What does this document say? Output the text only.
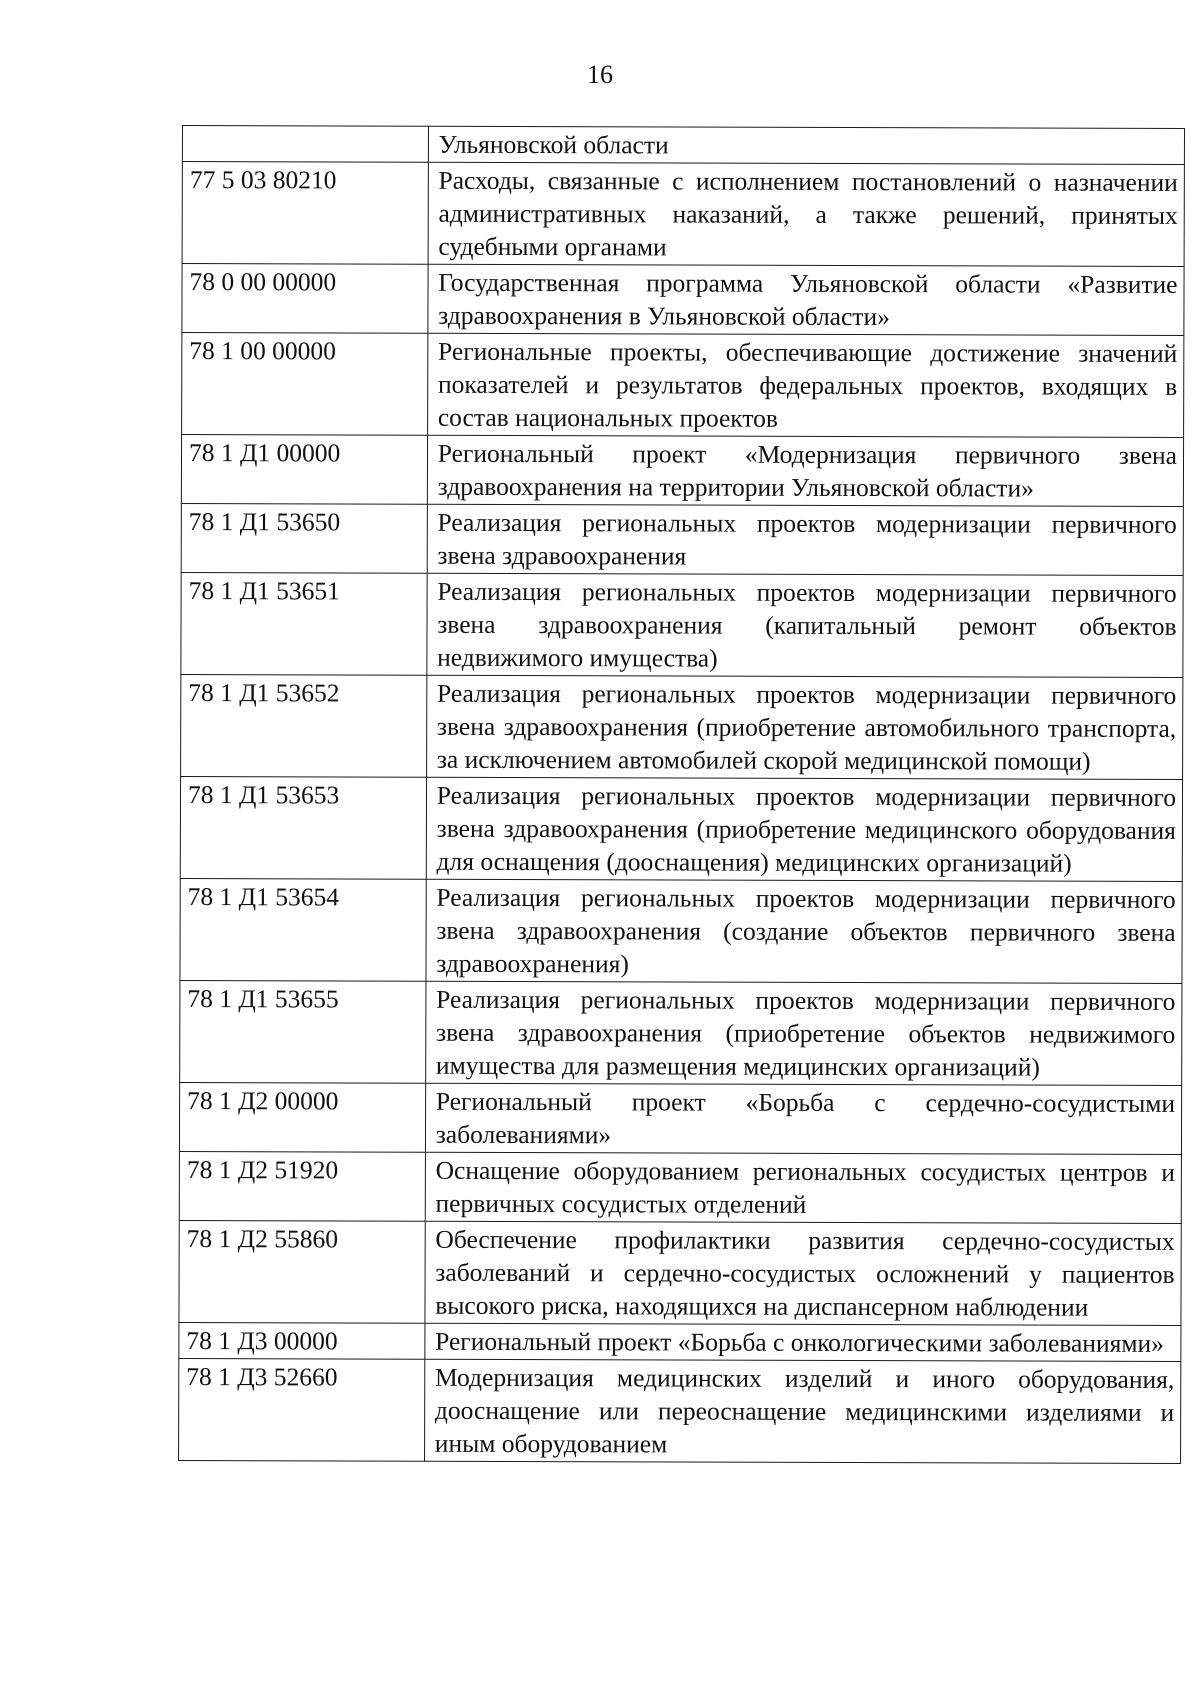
16
	Ульяновской области
77 5 03 80210	Расходы, связанные с исполнением постановлений о назначении административных наказаний, а также решений, принятых судебными органами
78 0 00 00000	Государственная программа Ульяновской области «Развитие здравоохранения в Ульяновской области»
78 1 00 00000	Региональные проекты, обеспечивающие достижение значений показателей и результатов федеральных проектов, входящих в состав национальных проектов
78 1 Д1 00000	Региональный проект «Модернизация первичного звена здравоохранения на территории Ульяновской области»
78 1 Д1 53650	Реализация региональных проектов модернизации первичного звена здравоохранения
78 1 Д1 53651	Реализация региональных проектов модернизации первичного звена здравоохранения (капитальный ремонт объектов недвижимого имущества)
78 1 Д1 53652	Реализация региональных проектов модернизации первичного звена здравоохранения (приобретение автомобильного транспорта, за исключением автомобилей скорой медицинской помощи)
78 1 Д1 53653	Реализация региональных проектов модернизации первичного звена здравоохранения (приобретение медицинского оборудования для оснащения (дооснащения) медицинских организаций)
78 1 Д1 53654	Реализация региональных проектов модернизации первичного звена здравоохранения (создание объектов первичного звена здравоохранения)
78 1 Д1 53655	Реализация региональных проектов модернизации первичного звена здравоохранения (приобретение объектов недвижимого имущества для размещения медицинских организаций)
78 1 Д2 00000	Региональный проект «Борьба с сердечно-сосудистыми заболеваниями»
78 1 Д2 51920	Оснащение оборудованием региональных сосудистых центров и первичных сосудистых отделений
78 1 Д2 55860	Обеспечение профилактики развития сердечно-сосудистых заболеваний и сердечно-сосудистых осложнений у пациентов высокого риска, находящихся на диспансерном наблюдении
78 1 Д3 00000	Региональный проект «Борьба с онкологическими заболеваниями»
78 1 Д3 52660	Модернизация медицинских изделий и иного оборудования, дооснащение или переоснащение медицинскими изделиями и иным оборудованием
